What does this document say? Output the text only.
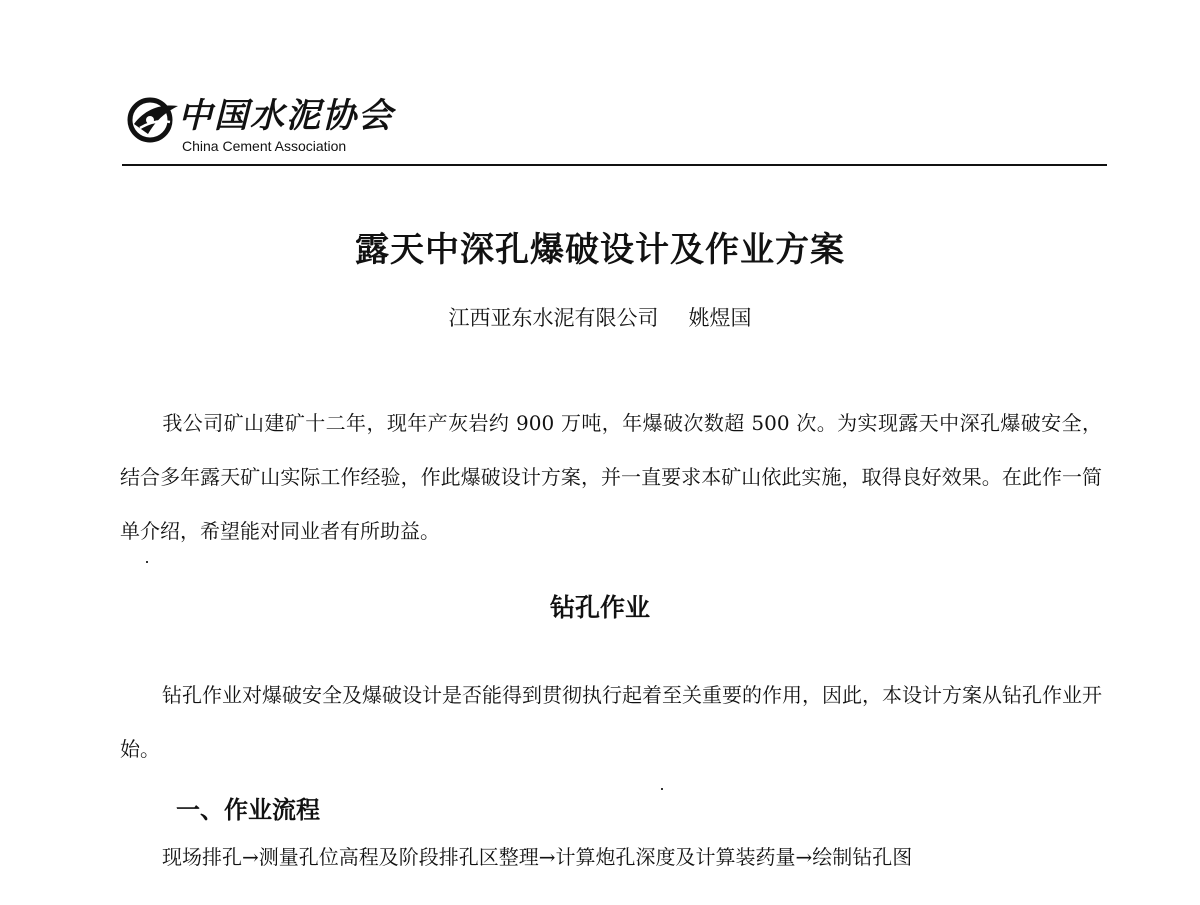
中国水泥协会
China Cement Association
露天中深孔爆破设计及作业方案
江西亚东水泥有限公司 姚煜国
我公司矿山建矿十二年，现年产灰岩约 900 万吨，年爆破次数超 500 次。为实现露天中深孔爆破安全，结合多年露天矿山实际工作经验，作此爆破设计方案，并一直要求本矿山依此实施，取得良好效果。在此作一简单介绍，希望能对同业者有所助益。
钻孔作业
钻孔作业对爆破安全及爆破设计是否能得到贯彻执行起着至关重要的作用，因此，本设计方案从钻孔作业开始。
一、作业流程
现场排孔→测量孔位高程及阶段排孔区整理→计算炮孔深度及计算装药量→绘制钻孔图
